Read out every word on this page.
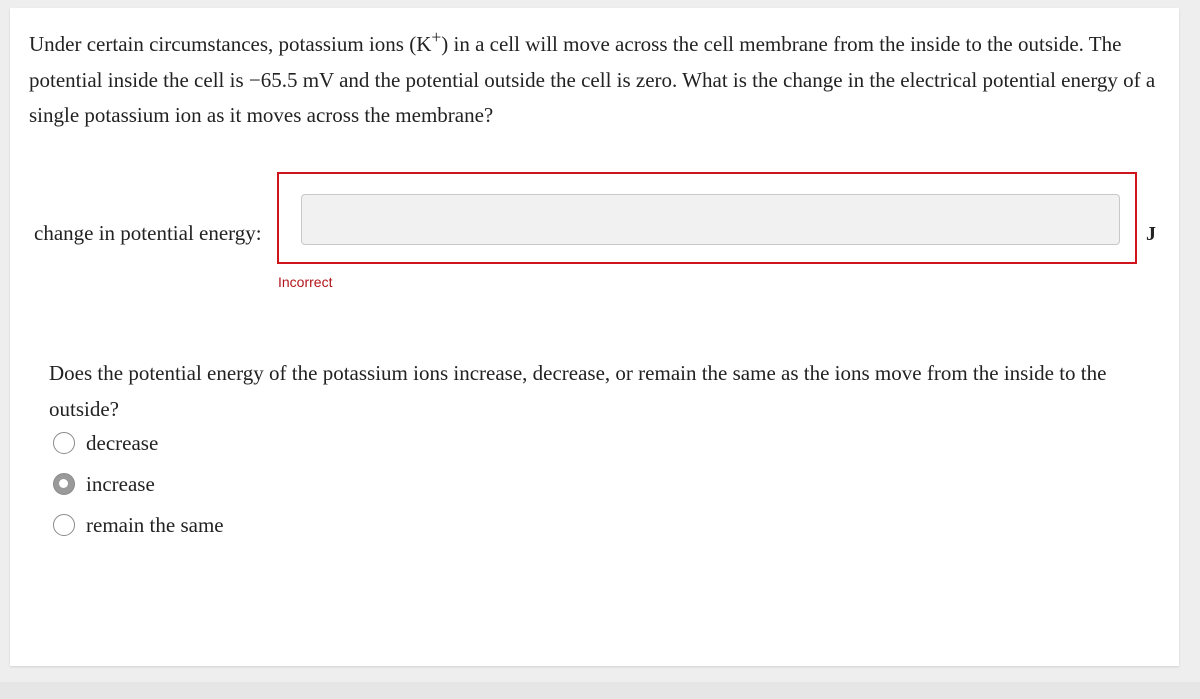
Under certain circumstances, potassium ions (K+) in a cell will move across the cell membrane from the inside to the outside. The potential inside the cell is −65.5 mV and the potential outside the cell is zero. What is the change in the electrical potential energy of a single potassium ion as it moves across the membrane?

change in potential energy:	J
Incorrect

Does the potential energy of the potassium ions increase, decrease, or remain the same as the ions move from the inside to the outside?

decrease
increase
remain the same
